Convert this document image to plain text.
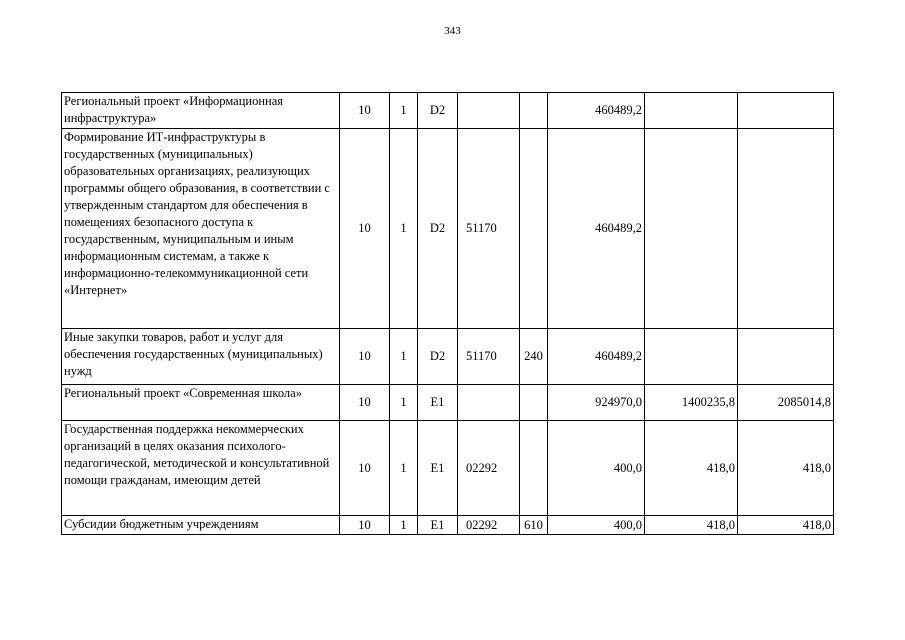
343
Региональный проект «Информационная инфраструктура»	10	1	D2			460489,2		
Формирование ИТ-инфраструктуры в государственных (муниципальных) образовательных организациях, реализующих программы общего образования, в соответствии с утвержденным стандартом для обеспечения в помещениях безопасного доступа к государственным, муниципальным и иным информационным системам, а также к информационно-телекоммуникационной сети «Интернет»	10	1	D2	51170		460489,2		
Иные закупки товаров, работ и услуг для обеспечения государственных (муниципальных) нужд	10	1	D2	51170	240	460489,2		
Региональный проект «Современная школа»	10	1	E1			924970,0	1400235,8	2085014,8
Государственная поддержка некоммерческих организаций в целях оказания психолого-педагогической, методической и консультативной помощи гражданам, имеющим детей	10	1	E1	02292		400,0	418,0	418,0
Субсидии бюджетным учреждениям	10	1	E1	02292	610	400,0	418,0	418,0
